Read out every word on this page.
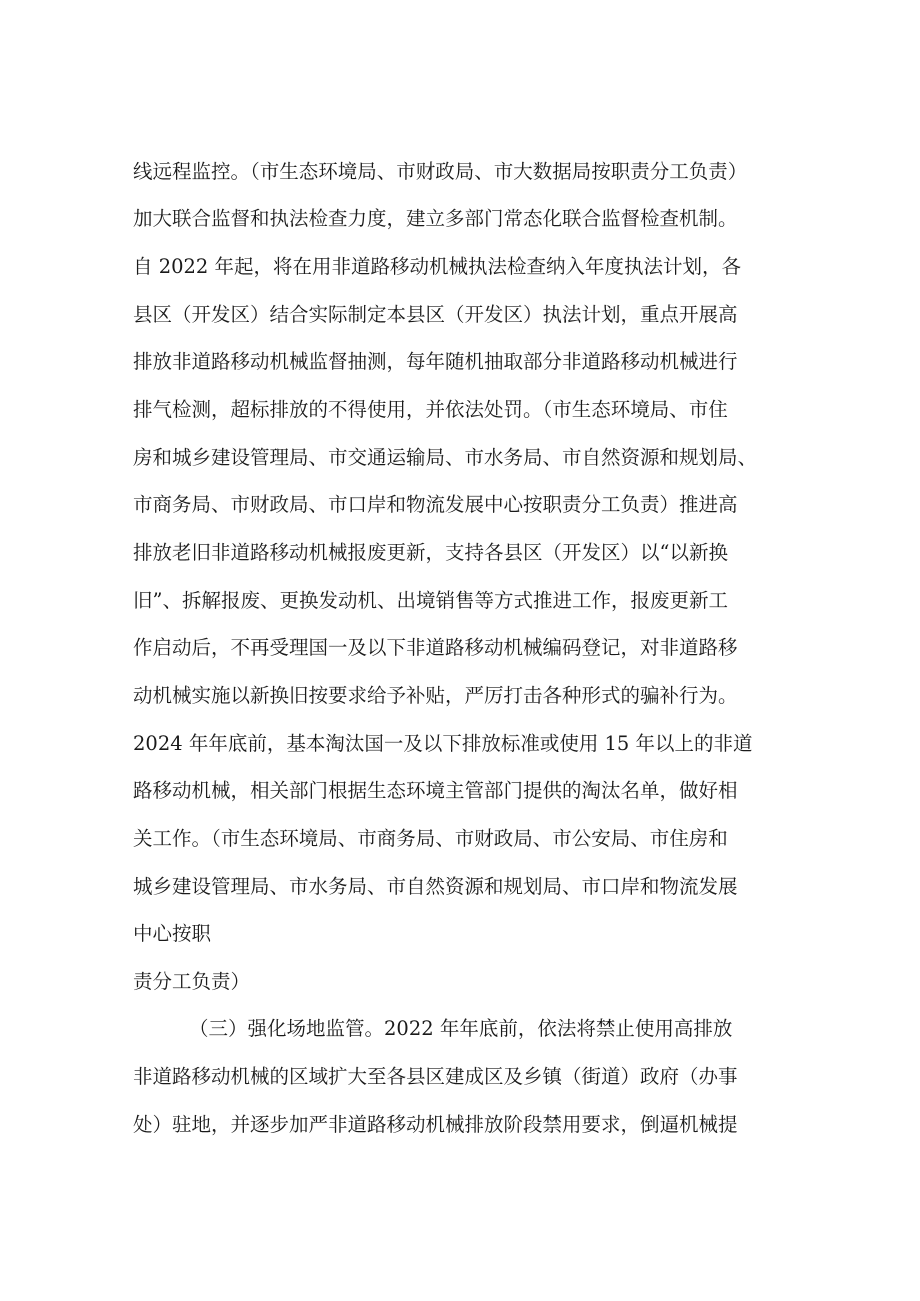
线远程监控。（市生态环境局、市财政局、市大数据局按职责分工负责）
加大联合监督和执法检查力度，建立多部门常态化联合监督检查机制。
自 2022 年起，将在用非道路移动机械执法检查纳入年度执法计划，各
县区（开发区）结合实际制定本县区（开发区）执法计划，重点开展高
排放非道路移动机械监督抽测，每年随机抽取部分非道路移动机械进行
排气检测，超标排放的不得使用，并依法处罚。（市生态环境局、市住
房和城乡建设管理局、市交通运输局、市水务局、市自然资源和规划局、
市商务局、市财政局、市口岸和物流发展中心按职责分工负责）推进高
排放老旧非道路移动机械报废更新，支持各县区（开发区）以“以新换
旧”、拆解报废、更换发动机、出境销售等方式推进工作，报废更新工
作启动后，不再受理国一及以下非道路移动机械编码登记，对非道路移
动机械实施以新换旧按要求给予补贴，严厉打击各种形式的骗补行为。
2024 年年底前，基本淘汰国一及以下排放标准或使用 15 年以上的非道
路移动机械，相关部门根据生态环境主管部门提供的淘汰名单，做好相
关工作。（市生态环境局、市商务局、市财政局、市公安局、市住房和
城乡建设管理局、市水务局、市自然资源和规划局、市口岸和物流发展
中心按职
责分工负责）
（三）强化场地监管。2022 年年底前，依法将禁止使用高排放
非道路移动机械的区域扩大至各县区建成区及乡镇（街道）政府（办事
处）驻地，并逐步加严非道路移动机械排放阶段禁用要求，倒逼机械提
